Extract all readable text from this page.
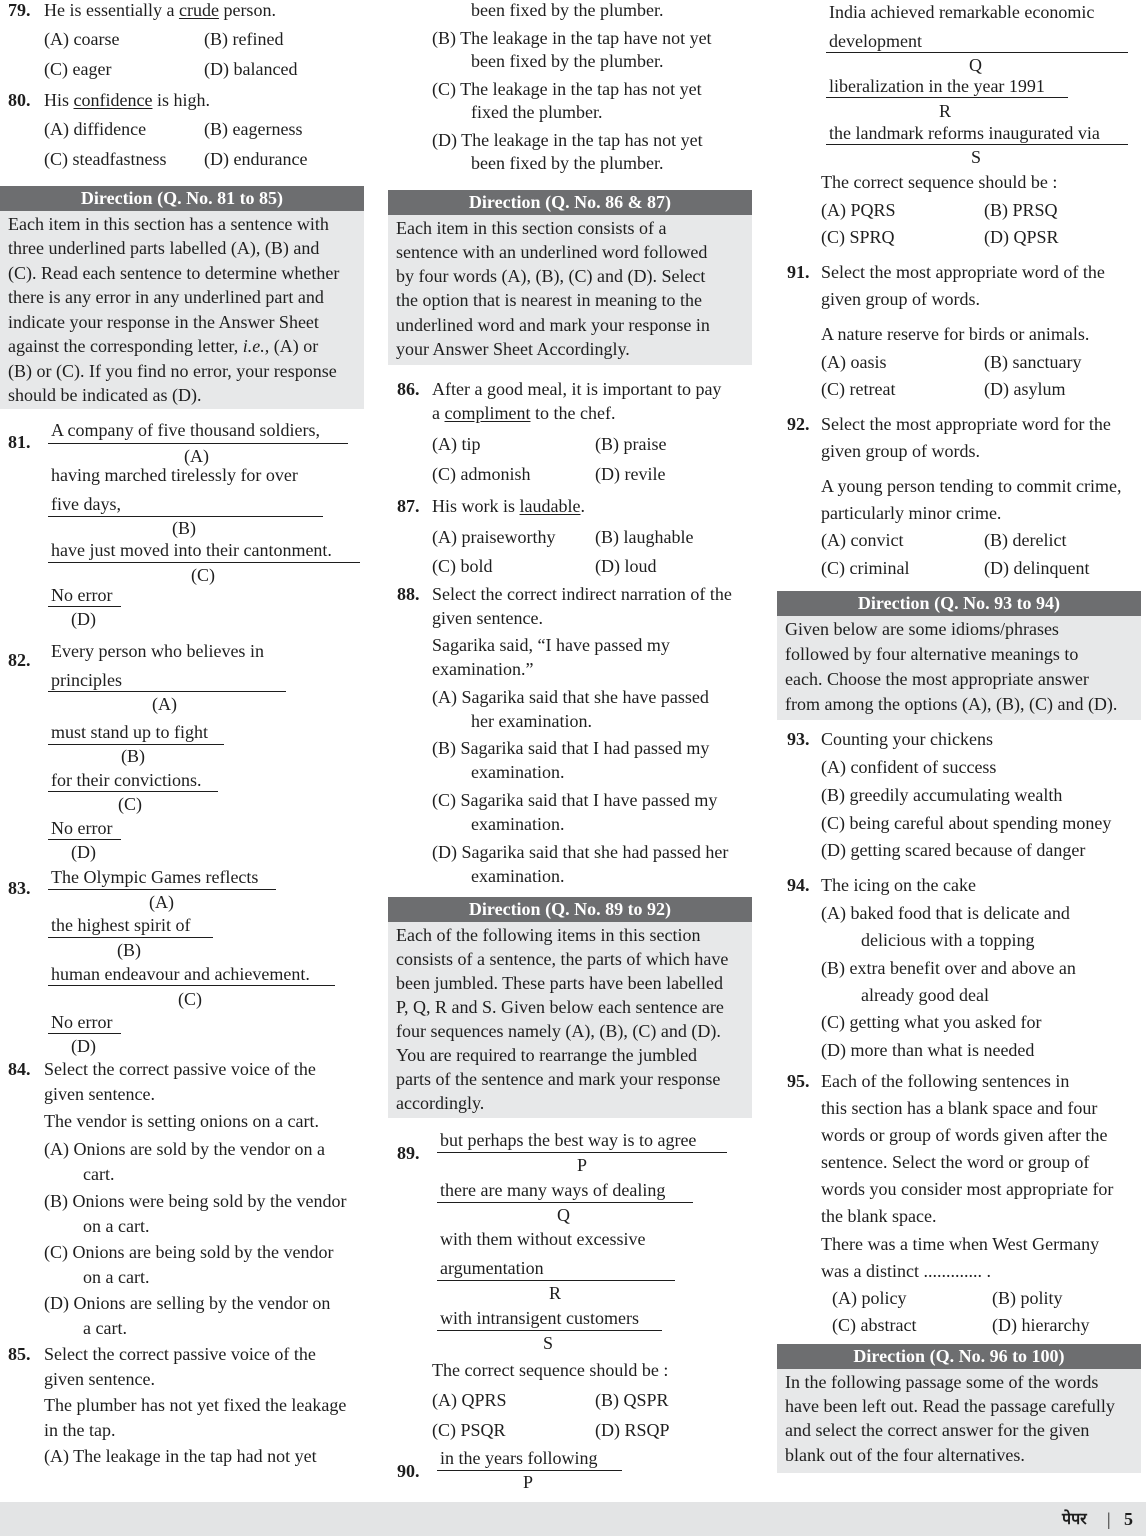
79. He is essentially a crude person.
(A) coarse	(B) refined
(C) eager	(D) balanced
80. His confidence is high.
(A) diffidence	(B) eagerness
(C) steadfastness (D) endurance
Direction (Q. No. 81 to 85)
Each item in this section has a sentence with
three underlined parts labelled (A), (B) and
(C). Read each sentence to determine whether
there is any error in any underlined part and
indicate your response in the Answer Sheet
against the corresponding letter, i.e., (A) or
(B) or (C). If you find no error, your response
should be indicated as (D).
81.
A company of five thousand soldiers,
(A)
having marched tirelessly for over
five days,
(B)
have just moved into their cantonment.
(C)
No error
(D)
82. Every person who believes in
principles
(A)
must stand up to fight
(B)
for their convictions.
(C)
No error
(D)
83.
The Olympic Games reflects
(A)
the highest spirit of
(B)
human endeavour and achievement.
(C)
No error
(D)
84. Select the correct passive voice of the
given sentence.
The vendor is setting onions on a cart.
(A) Onions are sold by the vendor on a
cart.
(B) Onions were being sold by the vendor
on a cart.
(C) Onions are being sold by the vendor
on a cart.
(D) Onions are selling by the vendor on
a cart.
85. Select the correct passive voice of the
given sentence.
The plumber has not yet fixed the leakage
in the tap.
(A) The leakage in the tap had not yet
been fixed by the plumber.
(B) The leakage in the tap have not yet
been fixed by the plumber.
(C) The leakage in the tap has not yet
fixed the plumber.
(D) The leakage in the tap has not yet
been fixed by the plumber.
Direction (Q. No. 86 & 87)
Each item in this section consists of a
sentence with an underlined word followed
by four words (A), (B), (C) and (D). Select
the option that is nearest in meaning to the
underlined word and mark your response in
your Answer Sheet Accordingly.
86. After a good meal, it is important to pay
a compliment to the chef.
(A) tip	(B) praise
(C) admonish	(D) revile
87. His work is laudable.
(A) praiseworthy (B) laughable
(C) bold	(D) loud
88. Select the correct indirect narration of the
given sentence.
Sagarika said, “I have passed my
examination.”
(A) Sagarika said that she have passed
her examination.
(B) Sagarika said that I had passed my
examination.
(C) Sagarika said that I have passed my
examination.
(D) Sagarika said that she had passed her
examination.
Direction (Q. No. 89 to 92)
Each of the following items in this section
consists of a sentence, the parts of which have
been jumbled. These parts have been labelled
P, Q, R and S. Given below each sentence are
four sequences namely (A), (B), (C) and (D).
You are required to rearrange the jumbled
parts of the sentence and mark your response
accordingly.
89.
but perhaps the best way is to agree
P
there are many ways of dealing
Q
with them without excessive
argumentation
R
with intransigent customers
S
The correct sequence should be :
(A) QPRS	(B) QSPR
(C) PSQR	(D) RSQP
90.
in the years following
P
India achieved remarkable economic
development
Q
liberalization in the year 1991
R
the landmark reforms inaugurated via
S
The correct sequence should be :
(A) PQRS	(B) PRSQ
(C) SPRQ	(D) QPSR
91. Select the most appropriate word of the
given group of words.
A nature reserve for birds or animals.
(A) oasis	(B) sanctuary
(C) retreat	(D) asylum
92. Select the most appropriate word for the
given group of words.
A young person tending to commit crime,
particularly minor crime.
(A) convict	(B) derelict
(C) criminal	(D) delinquent
Direction (Q. No. 93 to 94)
Given below are some idioms/phrases
followed by four alternative meanings to
each. Choose the most appropriate answer
from among the options (A), (B), (C) and (D).
93. Counting your chickens
(A) confident of success
(B) greedily accumulating wealth
(C) being careful about spending money
(D) getting scared because of danger
94. The icing on the cake
(A) baked food that is delicate and
delicious with a topping
(B) extra benefit over and above an
already good deal
(C) getting what you asked for
(D) more than what is needed
95. Each of the following sentences in
this section has a blank space and four
words or group of words given after the
sentence. Select the word or group of
words you consider most appropriate for
the blank space.
There was a time when West Germany
was a distinct ............. .
(A) policy	(B) polity
(C) abstract	(D) hierarchy
Direction (Q. No. 96 to 100)
In the following passage some of the words
have been left out. Read the passage carefully
and select the correct answer for the given
blank out of the four alternatives.
पेपर | 5
